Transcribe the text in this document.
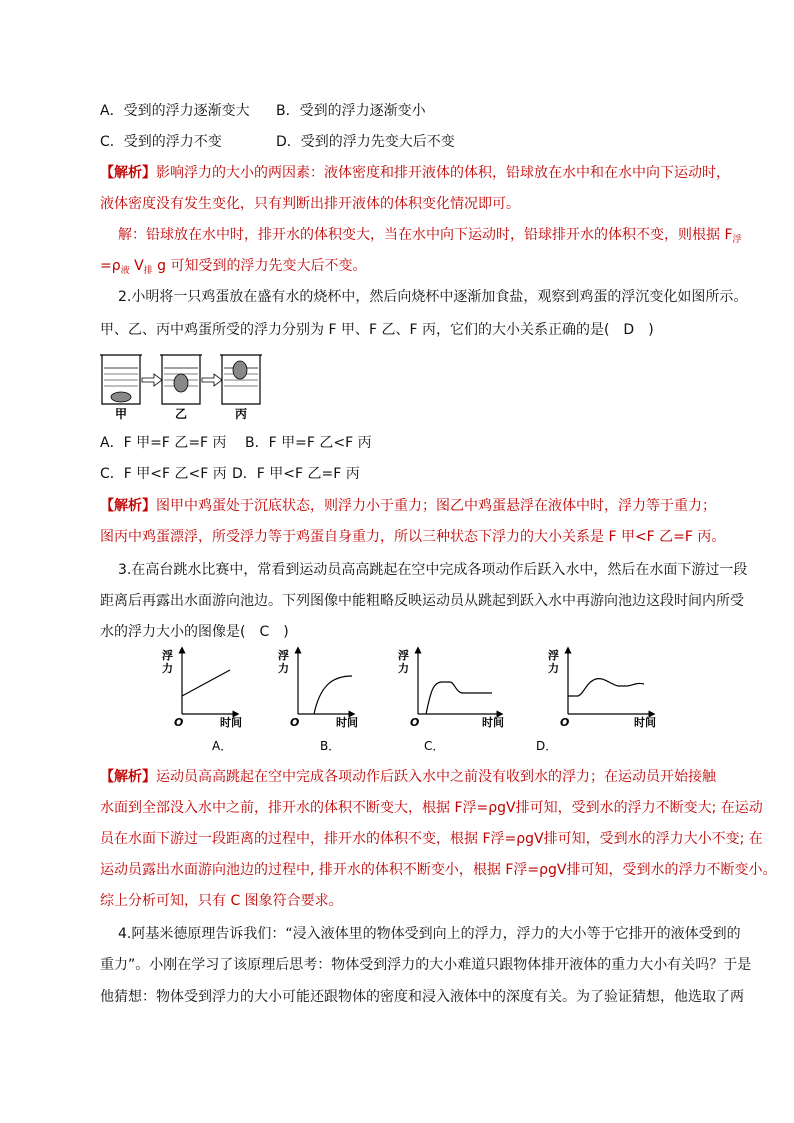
A．受到的浮力逐渐变大 B．受到的浮力逐渐变小
C．受到的浮力不变	D．受到的浮力先变大后不变
【解析】影响浮力的大小的两因素：液体密度和排开液体的体积，铅球放在水中和在水中向下运动时，
液体密度没有发生变化，只有判断出排开液体的体积变化情况即可。
解：铅球放在水中时，排开水的体积变大，当在水中向下运动时，铅球排开水的体积不变，则根据 $F_浮$
$=\rho_液$ $V_排$ g 可知受到的浮力先变大后不变。
2.小明将一只鸡蛋放在盛有水的烧杯中，然后向烧杯中逐渐加食盐，观察到鸡蛋的浮沉变化如图所示。
甲、乙、丙中鸡蛋所受的浮力分别为 F 甲、F 乙、F 丙，它们的大小关系正确的是(　D　)
甲	乙	丙
A．F 甲=F 乙=F 丙 B．F 甲=F 乙<F 丙
C．F 甲<F 乙<F 丙 D．F 甲<F 乙=F 丙
【解析】图甲中鸡蛋处于沉底状态，则浮力小于重力；图乙中鸡蛋悬浮在液体中时，浮力等于重力；
图丙中鸡蛋漂浮，所受浮力等于鸡蛋自身重力，所以三种状态下浮力的大小关系是 F 甲<F 乙=F 丙。
3.在高台跳水比赛中，常看到运动员高高跳起在空中完成各项动作后跃入水中，然后在水面下游过一段
距离后再露出水面游向池边。下列图像中能粗略反映运动员从跳起到跃入水中再游向池边这段时间内所受
水的浮力大小的图像是(　C　)
浮
力
O	时间
A．
浮
力
O	时间
B．
浮
力
O	时间
C．
浮
力
O	时间
D．
【解析】运动员高高跳起在空中完成各项动作后跃入水中之前没有收到水的浮力；在运动员开始接触
水面到全部没入水中之前，排开水的体积不断变大，根据 F浮=ρgV排可知，受到水的浮力不断变大; 在运动
员在水面下游过一段距离的过程中，排开水的体积不变，根据 F浮=ρgV排可知，受到水的浮力大小不变; 在
运动员露出水面游向池边的过程中, 排开水的体积不断变小，根据 F浮=ρgV排可知，受到水的浮力不断变小。
综上分析可知，只有 C 图象符合要求。
4.阿基米德原理告诉我们：“浸入液体里的物体受到向上的浮力，浮力的大小等于它排开的液体受到的
重力”。小刚在学习了该原理后思考：物体受到浮力的大小难道只跟物体排开液体的重力大小有关吗？于是
他猜想：物体受到浮力的大小可能还跟物体的密度和浸入液体中的深度有关。为了验证猜想，他选取了两
